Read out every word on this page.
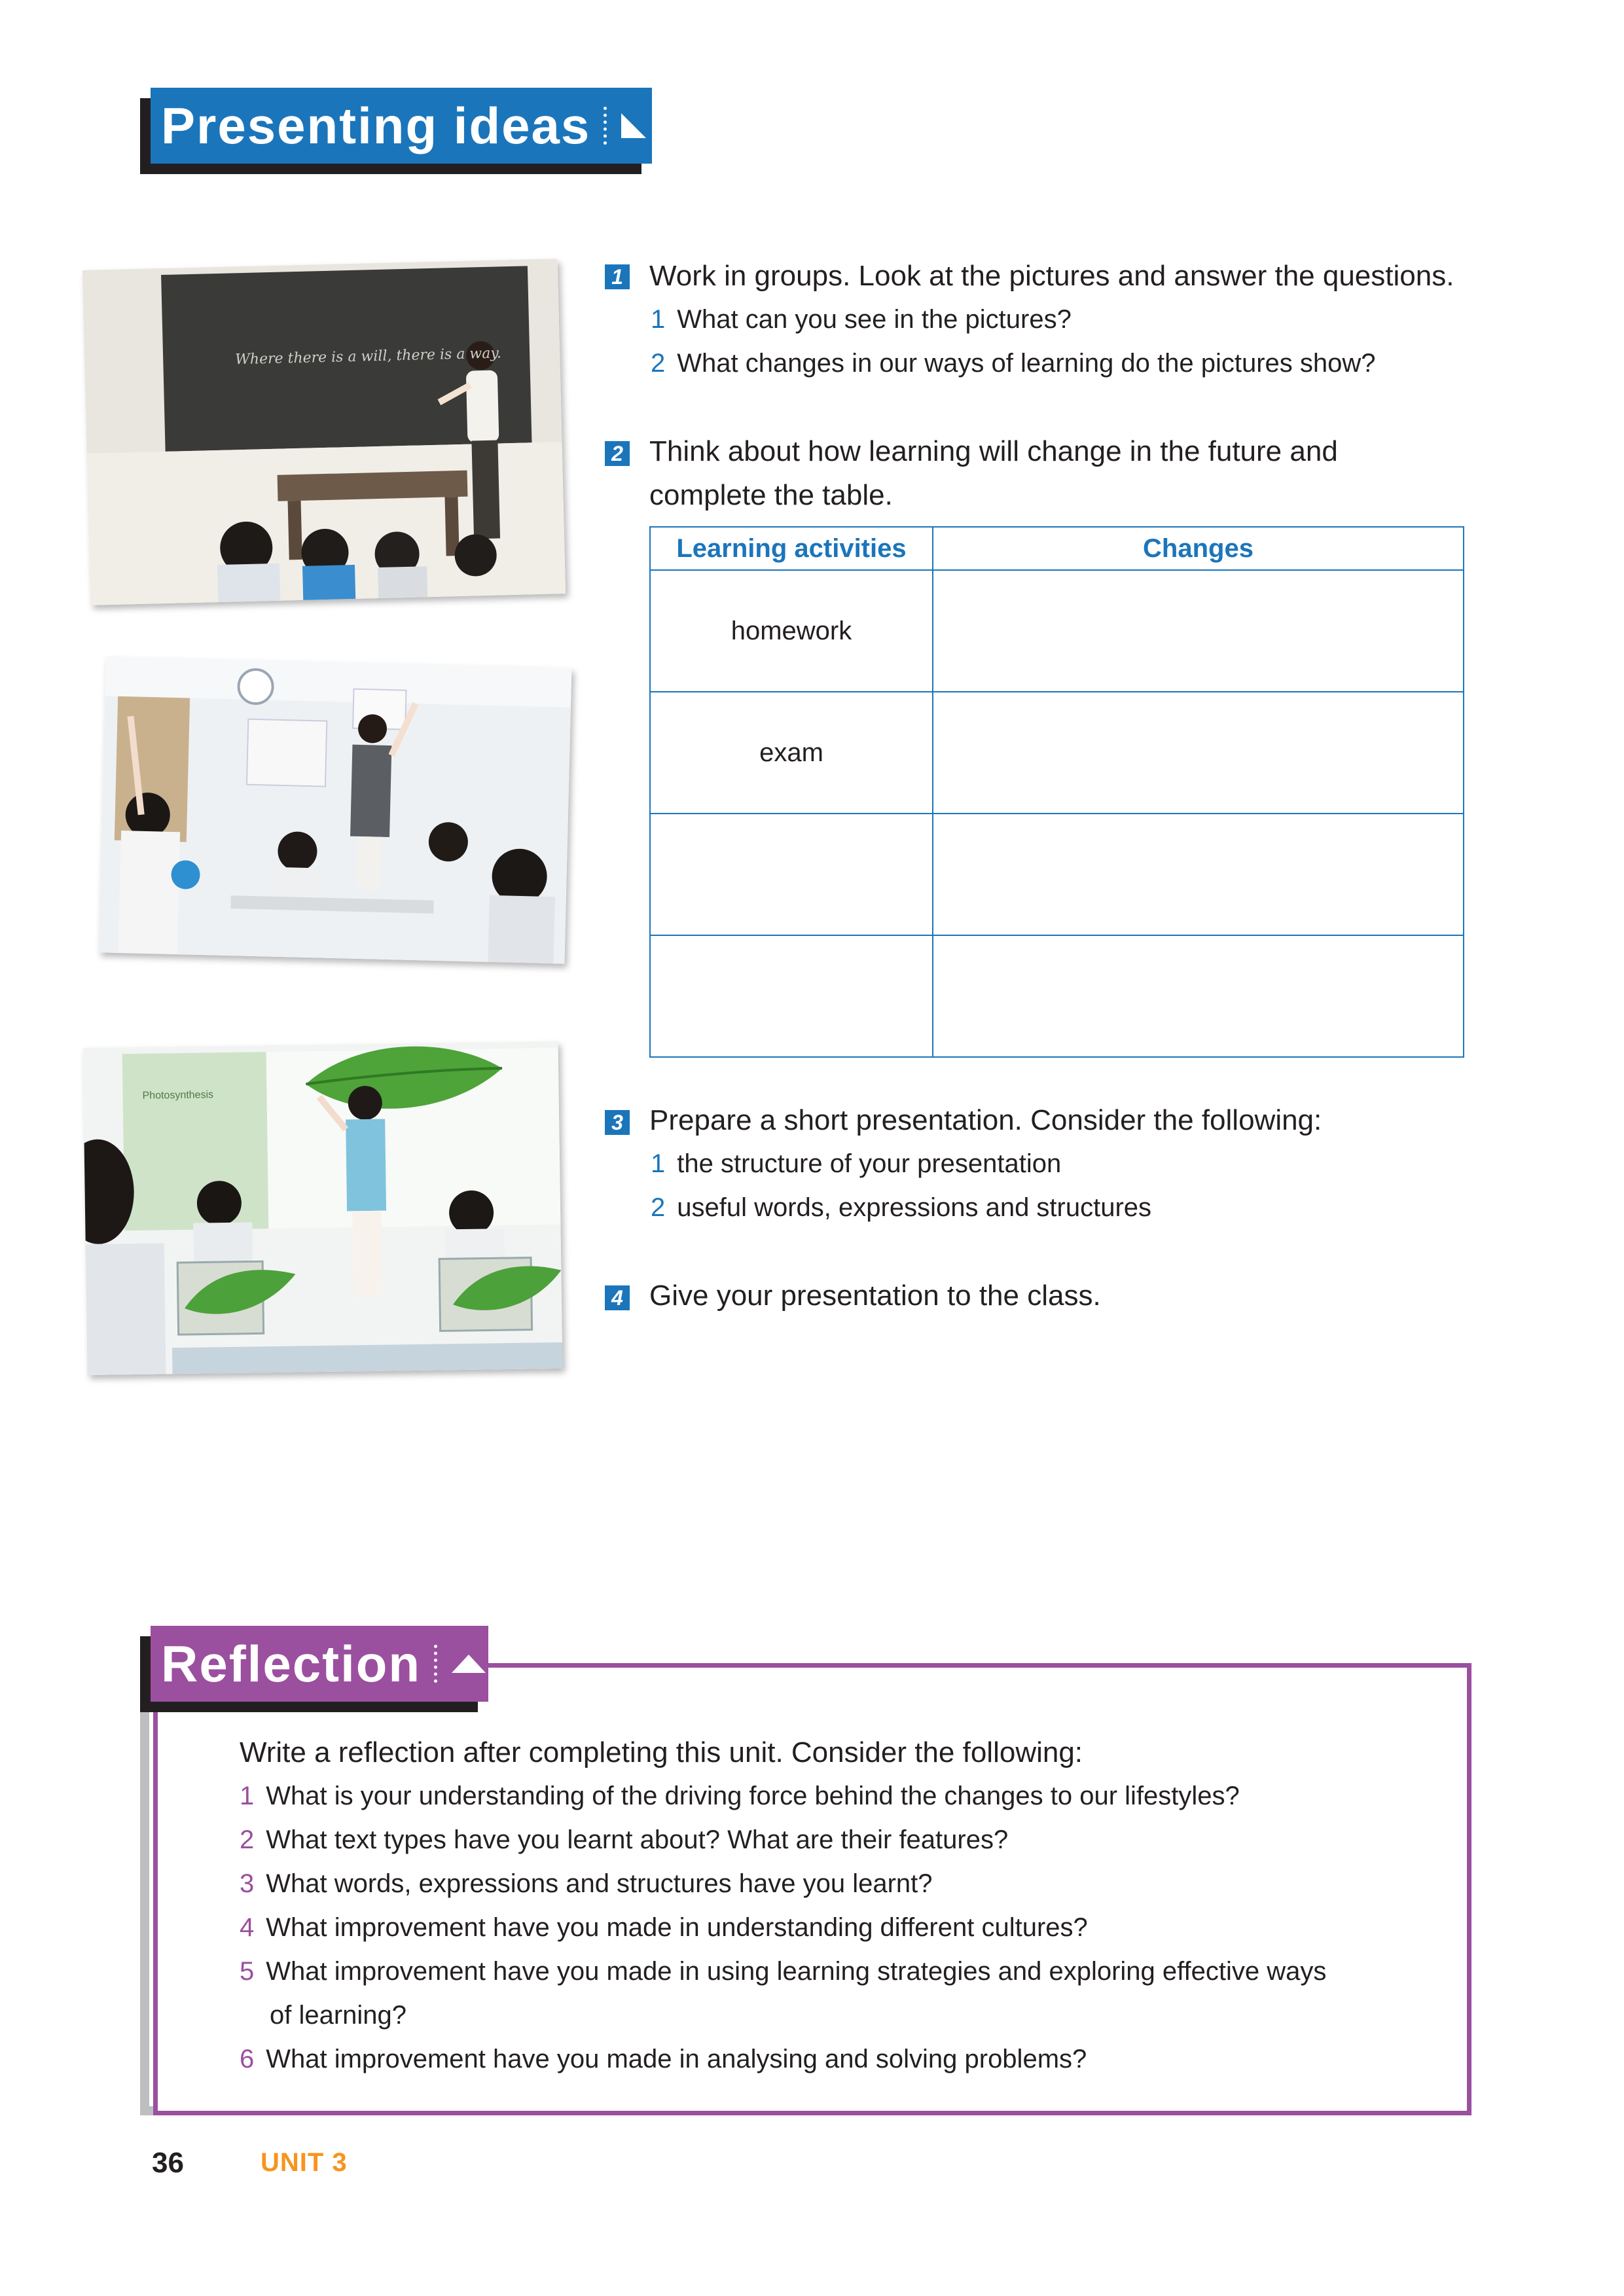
Presenting ideas
Where there is a will, there is a way.
Photosynthesis
1 Work in groups. Look at the pictures and answer the questions.
1 What can you see in the pictures?
2 What changes in our ways of learning do the pictures show?
2 Think about how learning will change in the future and
complete the table.
Learning activities	Changes
homework	
exam	

3 Prepare a short presentation. Consider the following:
1 the structure of your presentation
2 useful words, expressions and structures
4 Give your presentation to the class.
Reflection
Write a reflection after completing this unit. Consider the following:
1 What is your understanding of the driving force behind the changes to our lifestyles?
2 What text types have you learnt about? What are their features?
3 What words, expressions and structures have you learnt?
4 What improvement have you made in understanding different cultures?
5 What improvement have you made in using learning strategies and exploring effective ways
of learning?
6 What improvement have you made in analysing and solving problems?
36	UNIT 3
